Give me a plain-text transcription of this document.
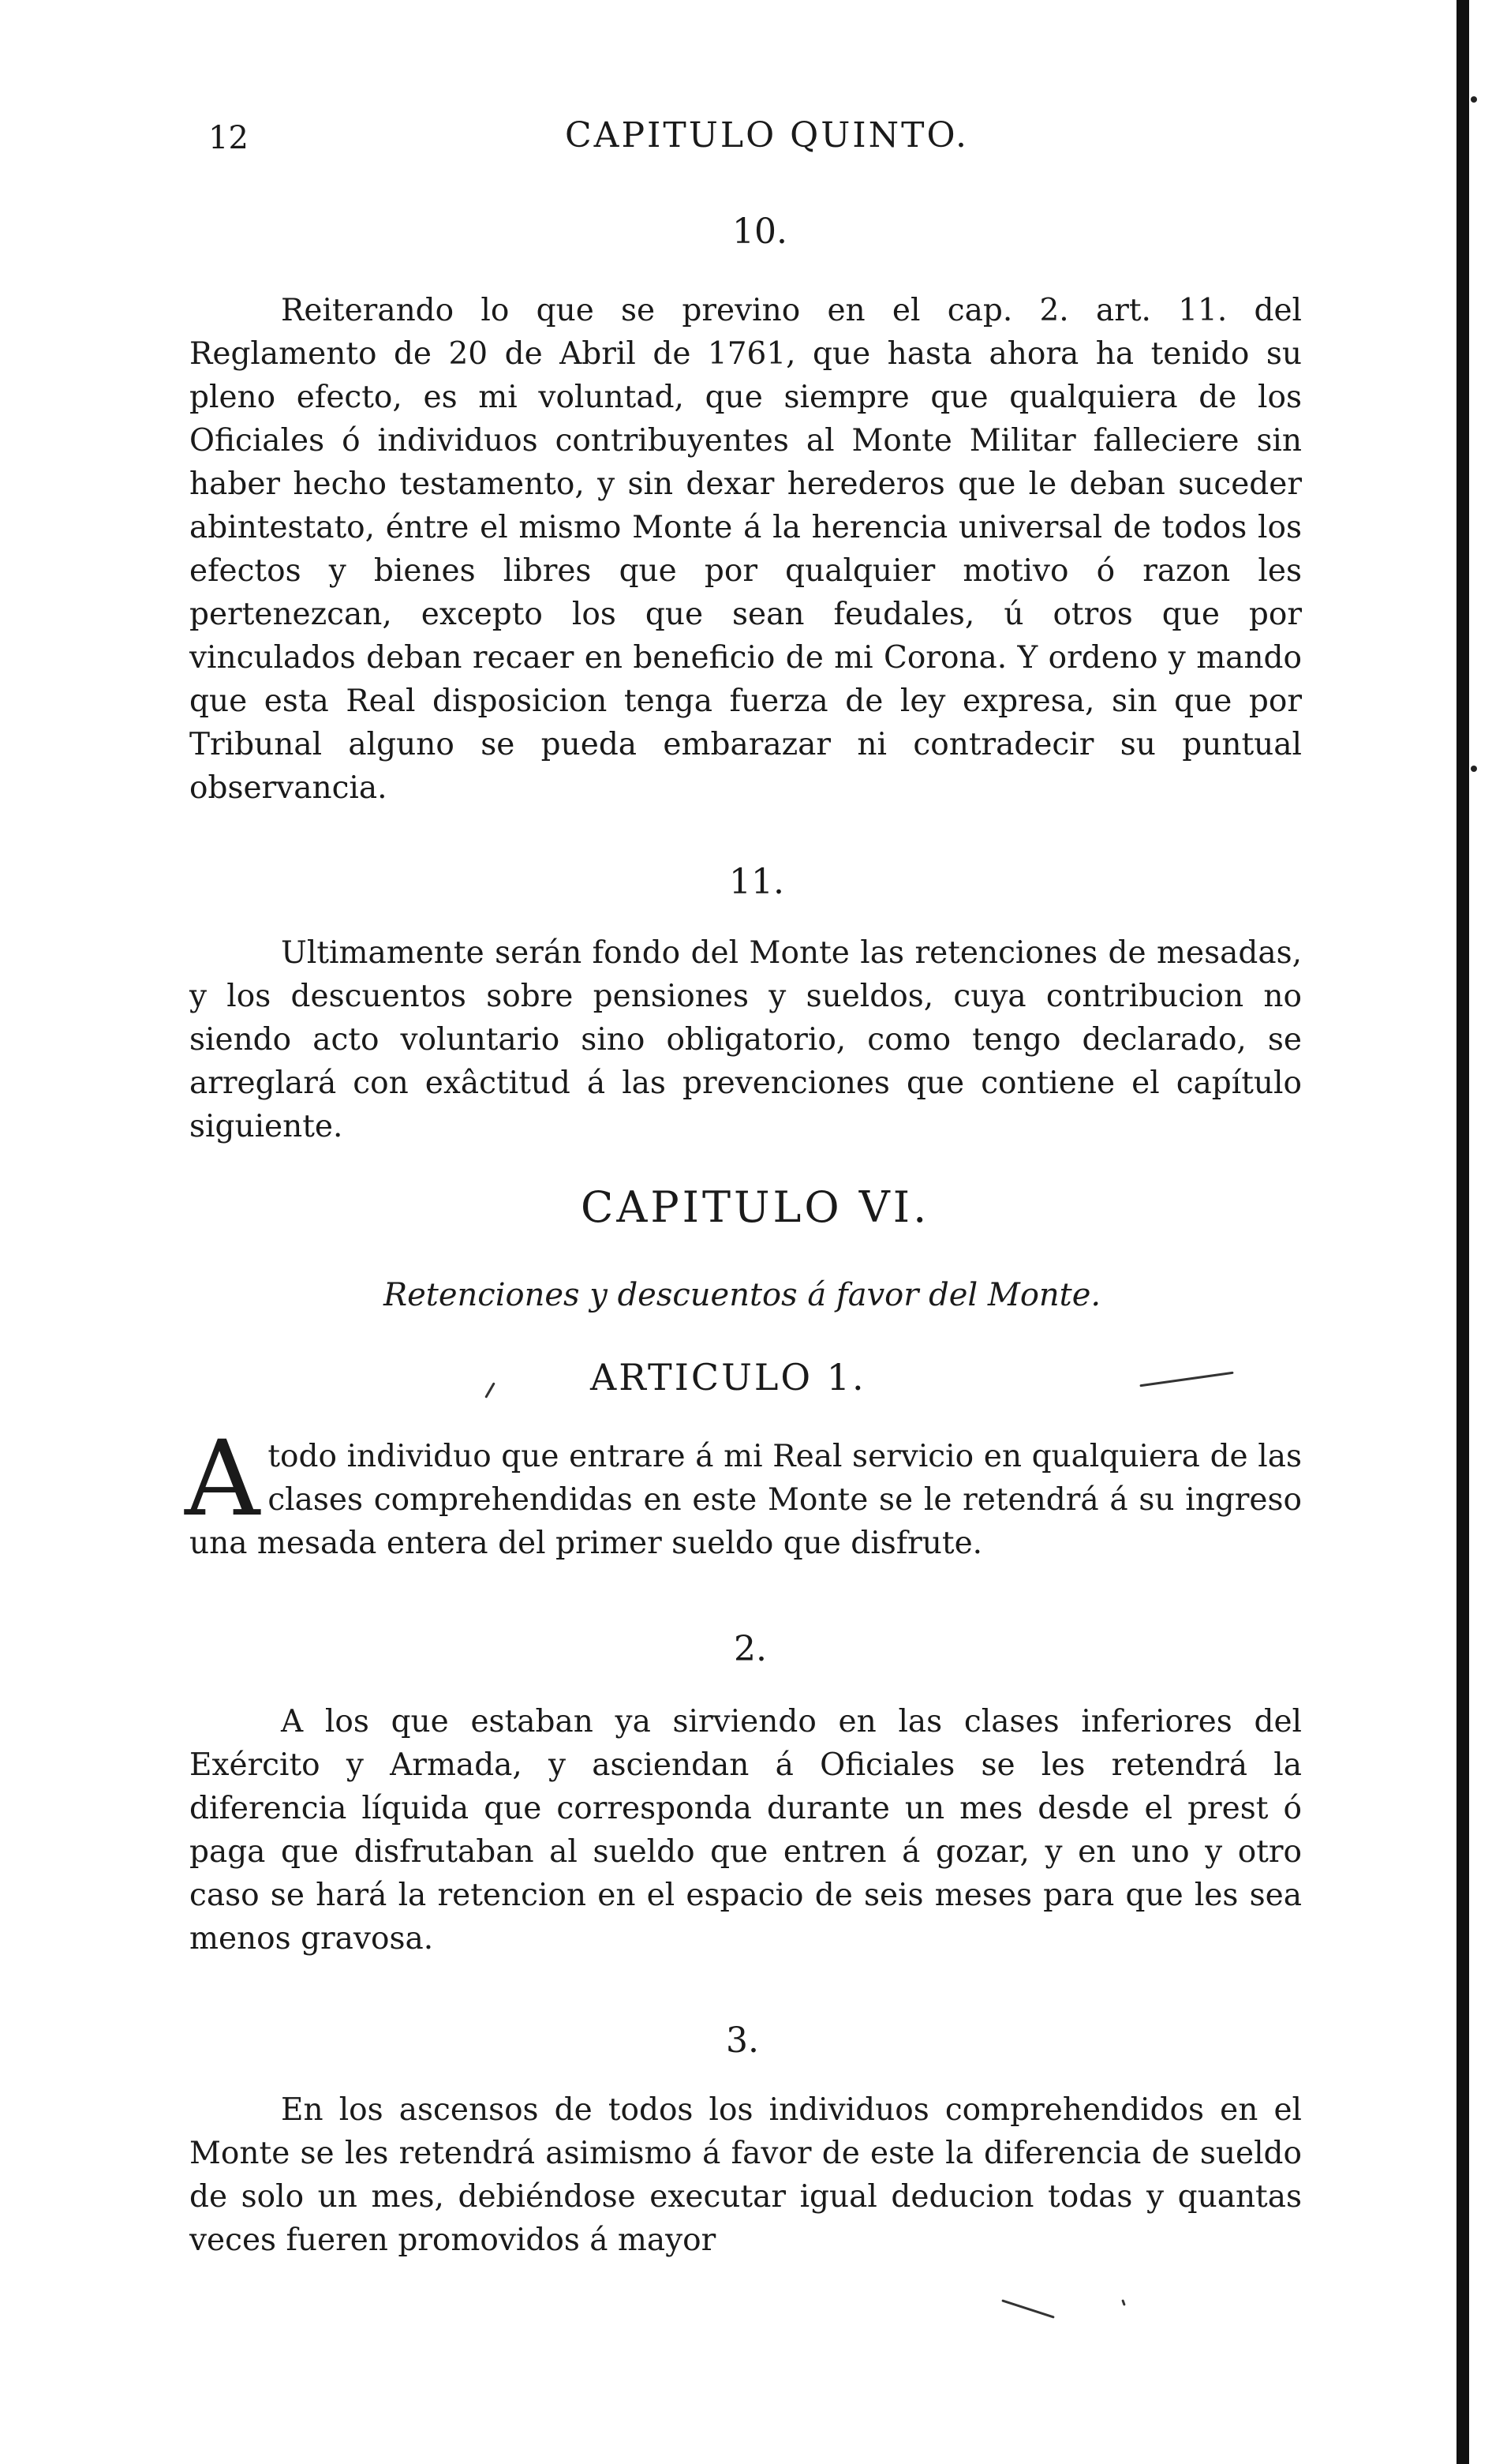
12	CAPITULO QUINTO.
10.

Reiterando lo que se previno en el cap. 2. art. 11. del Reglamento de 20 de Abril de 1761, que hasta ahora ha tenido su pleno efecto, es mi voluntad, que siempre que qualquiera de los Oficiales ó individuos contribuyentes al Monte Militar falleciere sin haber hecho testamento, y sin dexar herederos que le deban suceder abintestato, éntre el mismo Monte á la herencia universal de todos los efectos y bienes libres que por qualquier motivo ó razon les pertenezcan, excepto los que sean feudales, ú otros que por vinculados deban recaer en beneficio de mi Corona. Y ordeno y mando que esta Real disposicion tenga fuerza de ley expresa, sin que por Tribunal alguno se pueda embarazar ni contradecir su puntual observancia.

11.

Ultimamente serán fondo del Monte las retenciones de mesadas, y los descuentos sobre pensiones y sueldos, cuya contribucion no siendo acto voluntario sino obligatorio, como tengo declarado, se arreglará con exâctitud á las prevenciones que contiene el capítulo siguiente.

CAPITULO VI.
Retenciones y descuentos á favor del Monte.
ARTICULO 1.

Atodo individuo que entrare á mi Real servicio en qualquiera de las clases comprehendidas en este Monte se le retendrá á su ingreso una mesada entera del primer sueldo que disfrute.

2.

A los que estaban ya sirviendo en las clases inferiores del Exército y Armada, y asciendan á Oficiales se les retendrá la diferencia líquida que corresponda durante un mes desde el prest ó paga que disfrutaban al sueldo que entren á gozar, y en uno y otro caso se hará la retencion en el espacio de seis meses para que les sea menos gravosa.

3.

En los ascensos de todos los individuos comprehendidos en el Monte se les retendrá asimismo á favor de este la diferencia de sueldo de solo un mes, debiéndose executar igual deducion todas y quantas veces fueren promovidos á mayor
